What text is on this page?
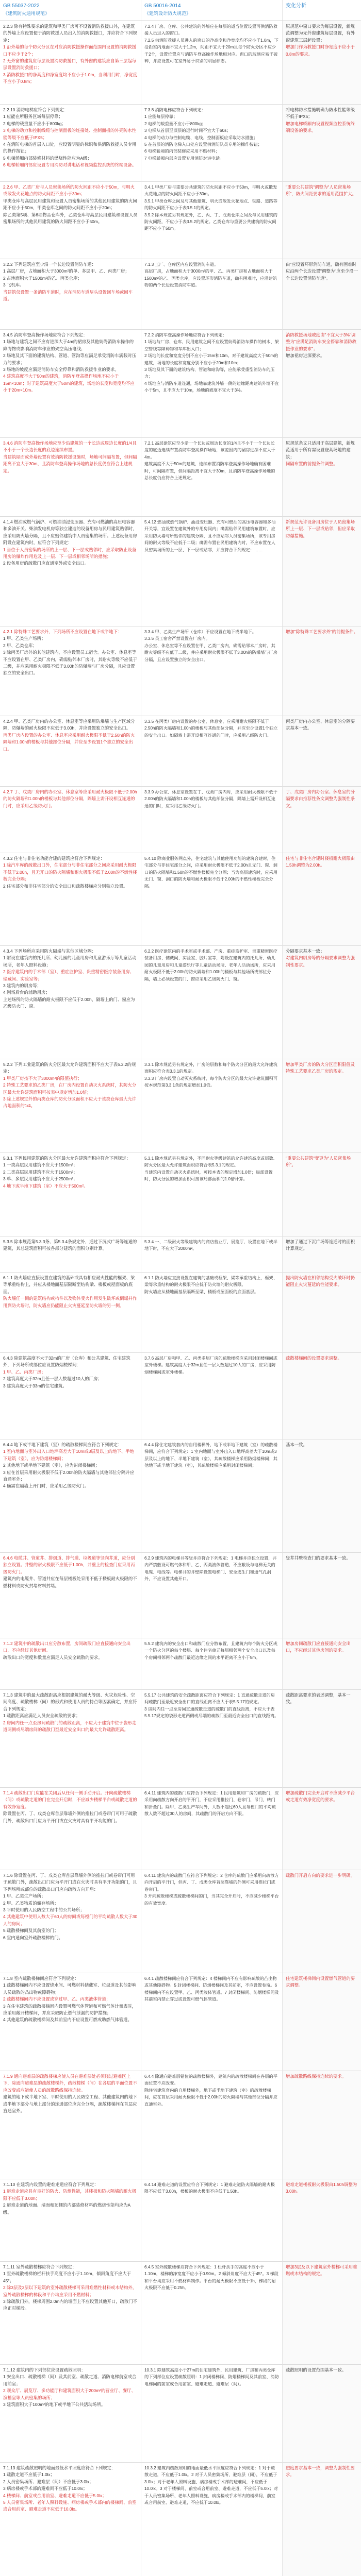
GB 55037-2022
《建筑防火通用规范》
GB 50016-2014
《建筑设计防火规范》
变化分析
2.2.3 除有特殊要求的建筑和甲类厂房可不设置消防救援口外，在建筑的外墙上应设置便于消防救援人员出入的消防救援口，并应符合下列规定：
1 沿外墙的每个防火分区在对应消防救援操作面范围内设置的消防救援口不应少于2个；
2 无外窗的建筑应每层设置消防救援口，有外窗的建筑应自第三层起每层设置消防救援口；
3 消防救援口的净高度和净宽度均不应小于1.0m，当利用门时，净宽度不应小于0.8m；
7.2.4 厂房、仓库、公共建筑的外墙应在每层的适当位置设置可供消防救援人员进入的窗口。
7.2.5 供消防救援人员进入的窗口的净高度和净宽度均不应小于1.0m，下沿距室内地面不宜大于1.2m，间距不宜大于20m且每个防火分区不应少于2个，设置位置应与消防车登高操作场地相对应。窗口的玻璃应易于破碎，并应设置可在室外易于识别的明显标志。
原规范中窗口要求为每层设置，新规范调整为无外窗建筑每层设置，有外窗建筑三层起设置；
增加门作为救援口时净宽度不应小于0.8m的要求。
2.2.10 消防电梯应符合下列规定：
1 应能在所服务区域每层停靠；
2 电梯的载重量不应小于800kg；
3 电梯的动力和控制线缆与控制面板的连接处、控制面板的外壳防水性能等级不应低于IPX5；
4 在消防电梯的首层入口处，应设置明显的标识和供消防救援人员专用的操作按钮；
5 电梯轿厢内部装修材料的燃烧性能应为A级；
6 电梯轿厢内部应设置专用消防对讲电话和视频监控系统的终端设备。
7.3.8 消防电梯应符合下列规定：
1 应能每层停靠；
2 电梯的载重量不应小于800kg；
3 电梯从首层至顶层的运行时间不宜大于60s；
4 电梯的动力与控制电缆、电线、控制面板应采取防水措施；
5 在首层的消防电梯入口处应设置供消防队员专用的操作按钮；
6 电梯轿厢的内部装修应采用不燃材料；
7 电梯轿厢内部应设置专用消防对讲电话。
将电梯防水措施明确为防水性能等级不低于IPX5；
增加电梯轿厢内设置视频监控系统终端设备的要求。
2.2.6 甲、乙类厂房与人员密集场所的防火间距不应小于50m，与明火或散发火花地点的防火间距不应小于30m；
甲类仓库与高层民用建筑和设置人员密集场所的其他民用建筑的防火间距不应小于50m，甲类仓库之间的防火间距不应小于20m；
除乙类第5项、第6项物品仓库外，乙类仓库与高层民用建筑和设置人员密集场所的其他民用建筑的防火间距不应小于50m。
3.4.1 甲类厂房与重要公共建筑的防火间距不应小于50m，与明火或散发火花地点的防火间距不应小于30m。
3.5.1 甲类仓库之间及与其他建筑、明火或散发火花地点、铁路、道路等的防火间距不应小于表3.5.1的规定。
3.5.2 除本规范另有规定外，乙、丙、丁、戊类仓库之间及与民用建筑的防火间距，不应小于表3.5.2的规定。乙类仓库与重要公共建筑的防火间距不应小于50m。
"重要公共建筑"调整为"人员密集场所"，防火间距要求的适用范围扩大。
3.2.2 下列建筑应至少沿一个长边设置消防车道：
1 高层厂房，占地面积大于3000m²的单、多层甲、乙、丙类厂房；
2 占地面积大于1500m²的乙、丙类仓库；
3 飞机库。
当建筑仅设置一条消防车道时，应在消防车道尽头设置回车场或回车道。
7.1.3 工厂、仓库区内应设置消防车道。
高层厂房，占地面积大于3000m²的甲、乙、丙类厂房和占地面积大于1500m²的乙、丙类仓库，应设置环形消防车道，确有困难时，应沿建筑物的两个长边设置消防车道。
由"应设置环形消防车道，确有困难时应沿两个长边设置"调整为"应至少沿一个长边设置消防车道"。
3.4.5 消防车登高操作场地应符合下列规定：
1 场地与建筑之间不应有进深大于4m的裙房及其他妨碍消防车操作的障碍物或影响消防车作业的架空高压电线；
2 场地及其下面的建筑结构、管道、管沟等应满足承受消防车满载时压力的要求；
3 场地的坡度应满足消防车安全停靠和消防救援作业的要求。
4 建筑高度不大于50m的建筑，消防车登高操作场地不应小于15m×10m；对于建筑高度大于50m的建筑，场地的长度和宽度均不应小于20m×10m。
7.2.2 消防车登高操作场地应符合下列规定：
1 场地与厂房、仓库、民用建筑之间不应设置妨碍消防车操作的树木、架空管线等障碍物和车库出入口；
2 场地的长度和宽度分别不应小于15m和10m。对于建筑高度大于50m的建筑，场地的长度和宽度分别不应小于20m和10m；
3 场地及其下面的建筑结构、管道和暗沟等，应能承受重型消防车的压力；
4 场地应与消防车道连通，场地靠建筑外墙一侧的边缘距离建筑外墙不宜小于5m，且不应大于10m，场地的坡度不宜大于3%。
消防救援场地坡度由"不宜大于3%"调整为"应满足消防车安全停靠和消防救援作业的要求"；
增加裙房进深要求。
3.4.6 消防车登高操作场地应至少沿建筑的一个长边或周边长度的1/4且不小于一个长边长度的底边连续布置。
当建筑屋面或外墙设置有效消防救援设施时，场地可间隔布置，但间隔距离不宜大于30m，且消防车登高操作场地的总长度仍应符合上述规定。
7.2.1 高层建筑应至少沿一个长边或周边长度的1/4且不小于一个长边长度的底边连续布置消防车登高操作场地，该范围内的裙房进深不应大于4m。
建筑高度不大于50m的建筑，连续布置消防车登高操作场地确有困难时，可间隔布置，但间隔距离不宜大于30m，且消防车登高操作场地的总长度仍应符合上述规定。
原规范条文只适用于高层建筑，新规范适用于所有需设置登高场地的建筑；
间隔布置的前提条件调整。
4.1.4 燃油或燃气锅炉、可燃油油浸变压器、充有可燃油的高压电容器和多油开关、柴油发电机房等独立建造的设备用房与民用建筑贴邻时，应采用防火墙分隔，且不应贴邻建筑中人员密集的场所。上述设备用房附设在建筑内时，应符合下列规定：
1 当位于人员密集的场所的上一层、下一层或贴邻时，应采取防止设备用房的爆炸作用危及上一层、下一层或相邻场所的措施；
2 设备用房的疏散门应直通室外或安全出口。
5.4.12 燃油或燃气锅炉、油浸变压器、充有可燃油的高压电容器和多油开关等，宜设置在建筑外的专用房间内；确需贴邻民用建筑布置时，应采用防火墙与所贴邻的建筑分隔，且不应贴邻人员密集场所，该专用房间的耐火等级不应低于二级；确需布置在民用建筑内时，不应布置在人员密集场所的上一层、下一层或贴邻，并应符合下列规定：……
新规范允许设备用房位于人员密集场所上一层、下一层或贴邻，但应采取防爆措施。
4.2.1 除特殊工艺要求外，下列场所不应设置在地下或半地下：
1 甲、乙类生产场所；
2 甲、乙类仓库；
3 除丙类厂房外的其他建筑内，不应设置员工宿舍。办公室、休息室等不应设置在甲、乙类厂房内，确需贴邻本厂房时，其耐火等级不应低于二级，并应采用耐火极限不低于3.00h的防爆墙与厂房分隔，且应设置独立的安全出口。
3.3.4 甲、乙类生产场所（仓库）不应设置在地下或半地下。
3.3.5 员工宿舍严禁设置在厂房内。
办公室、休息室等不应设置在甲、乙类厂房内，确需贴邻本厂房时，其耐火等级不应低于二级，并应采用耐火极限不低于3.00h的防爆墙与厂房分隔，且应设置独立的安全出口。
增加"除特殊工艺要求外"的前提条件。
4.2.4 甲、乙类厂房内的办公室、休息室等应采用防爆墙与生产区域分隔，防爆墙的耐火极限不应低于3.00h，并应设置独立的安全出口。
丙类厂房内设置的办公室、休息室应采用耐火极限不低于2.50h的防火隔墙和1.00h的楼板与其他部位分隔，并应至少设置1个独立的安全出口。
3.3.5 在丙类厂房内设置的办公室、休息室，应采用耐火极限不低于2.50h的防火隔墙和1.00h的楼板与其他部位分隔，并应至少设置1个独立的安全出口。如隔墙上需开设相互连通的门时，应采用乙级防火门。
丙类厂房内办公室、休息室的分隔要求基本一致。
4.2.7 丁、戊类厂房内的办公室、休息室等应采用耐火极限不低于2.00h的防火隔墙和1.00h的楼板与其他部位分隔，隔墙上需开设相互连通的门时，应采用乙级防火门。
3.3.9 办公室、休息室设置在丁、戊类厂房内时，应采用耐火极限不低于2.00h的防火隔墙和1.00h的楼板与其他部位分隔，隔墙上需开设相互连通的门时，应采用乙级防火门。
丁、戊类厂房内办公室、休息室的分隔要求由推荐性条文调整为强制性条文。
4.3.2 住宅与非住宅功能合建的建筑应符合下列规定：
1 除汽车库的疏散出口外，住宅部分与非住宅部分之间应采用耐火极限不低于2.00h，且无开口的防火隔墙和耐火极限不低于2.00h的不燃性楼板完全分隔；
2 住宅部分和非住宅部分的安全出口和疏散楼梯应分别独立设置。
5.4.10 除商业服务网点外，住宅建筑与其他使用功能的建筑合建时，住宅部分与非住宅部分之间，应采用耐火极限不低于2.00h且无门、窗、洞口的防火隔墙和1.50h的不燃性楼板完全分隔；当为高层建筑时，应采用无门、窗、洞口的防火墙和耐火极限不低于2.00h的不燃性楼板完全分隔。
住宅与非住宅合建时楼板耐火极限由1.50h调整为2.00h。
4.3.4 下列场所应采用防火隔墙与其他区域分隔：
1 附设在建筑内的托儿所、幼儿园的儿童用房和儿童游乐厅等儿童活动场所，老年人照料设施；
2 医疗建筑内的手术部（室）、重症监护室、贵重精密医疗装备用房、储藏间、实验室等；
3 建筑内的厨房等；
4 剧场后台的辅助用房；
上述场所的防火隔墙的耐火极限不应低于2.00h，隔墙上的门、窗应为乙级防火门、窗。
6.2.2 医疗建筑内的手术室或手术部、产房、重症监护室、贵重精密医疗装备用房、储藏间、实验室、胶片室等，附设在建筑内的托儿所、幼儿园的儿童用房和儿童游乐厅等儿童活动场所、老年人活动场所，应采用耐火极限不低于2.00h的防火隔墙和1.00h的楼板与其他场所或部位分隔，墙上必须设置的门、窗应采用乙级防火门、窗。
分隔要求基本一致；
对建筑内厨房等的分隔要求调整为强制性要求。
5.2.2 下列工业建筑的防火分区最大允许建筑面积不应大于表5.2.2的规定：
1 甲类厂房按不大于3000m²的限值执行；
2 特殊工艺要求的乙类厂房，在厂房内设置自动灭火系统时，其防火分区最大允许建筑面积可按表中规定增加1.0倍；
3 除上述规定外的丙类仓库的防火分区面积不应大于该类仓库最大允许占地面积的1/4。
3.3.1 除本规范另有规定外，厂房的层数和每个防火分区的最大允许建筑面积应符合表3.3.1的规定。
3.3.3 厂房内设置自动灭火系统时，每个防火分区的最大允许建筑面积可按本规范第3.3.1条的规定增加1.0倍。
增加甲类厂房的防火分区面积限值及特殊工艺要求乙类厂房的规定。
5.3.1 下列民用建筑的防火分区最大允许建筑面积应符合下列规定：
1 一类高层民用建筑不应大于1500m²；
2 二类高层民用建筑不应大于1500m²；
3 单、多层民用建筑不应大于2500m²；
4 地下或半地下建筑（室）不应大于500m²。
5.3.1 除本规范另有规定外，不同耐火等级建筑的允许建筑高度或层数、防火分区最大允许建筑面积应符合表5.3.1的规定。
当建筑内设置自动灭火系统时，可按本表的规定增加1.0倍；局部设置时，防火分区的增加面积可按该局部面积的1.0倍计算。
"重要公共建筑"变更为"人员密集场所"。
5.3.5 除本规范第5.3.3条、第5.3.4条规定外，通过下沉式广场等连通的建筑，其总建筑面积可按各部分建筑的面积分别计算。
5.3.4 一、二级耐火等级建筑内的商店营业厅、展览厅，设置在地下或半地下时，不应大于2000m²。
增加了通过下沉广场等连通时的面积计算规定。
6.1.1 防火墙应直接设置在建筑的基础或具有相应耐火性能的框架、梁等承重结构上，并应从楼地面基层隔断至结构梁、楼板或屋面板的底面。
防火墙任一侧的建筑结构或构件以及物体受火作用发生破坏或倒塌并作用到防火墙时，防火墙应仍能阻止火灾蔓延至防火墙的另一侧。
6.1.1 防火墙应直接设置在建筑的基础或框架、梁等承重结构上，框架、梁等承重结构的耐火极限不应低于防火墙的耐火极限。
防火墙应从楼地面基层隔断至梁、楼板或屋面板的底面基层。
提出防火墙在相邻结构受火破坏时仍能阻止火灾蔓延的性能要求。
6.4.3 除建筑高度不大于32m的厂房（仓库）和公共建筑、住宅建筑外，下列场所或部位应设置防烟楼梯间：
1 甲、乙、丙类厂房；
2 建筑高度大于32m且任一层人数超过10人的厂房；
3 建筑高度大于33m的住宅建筑。
3.7.6 高层厂房和甲、乙、丙类多层厂房的疏散楼梯应采用封闭楼梯间或室外楼梯。建筑高度大于32m且任一层人数超过10人的厂房，应采用防烟楼梯间或室外楼梯。
疏散楼梯间的设置要求调整。
6.4.4 地下或半地下建筑（室）的疏散楼梯间应符合下列规定：
1 室内地面与室外出入口地坪高差大于10m或3层及以上的地下、半地下建筑（室），应为防烟楼梯间；
2 其他地下或半地下建筑（室），应为封闭楼梯间；
3 应在首层采用耐火极限不低于2.00h的防火隔墙与其他部位分隔并应直通室外；
4 确需在隔墙上开门时，应采用乙级防火门。
6.4.4 除住宅建筑套内的自用楼梯外，地下或半地下建筑（室）的疏散楼梯间，应符合下列规定：1 室内地面与室外出入口地坪高差大于10m或3层及以上的地下、半地下建筑（室），其疏散楼梯应采用防烟楼梯间；其他地下或半地下建筑（室），其疏散楼梯应采用封闭楼梯间；
基本一致。
6.4.6 电缆井、管道井、排烟道、排气道、垃圾道等竖向井道，应分别独立设置。井壁的耐火极限不应低于1.00h，井壁上的检查门应采用丙级防火门。
建筑内的电缆井、管道井应在每层楼板处采用不低于楼板耐火极限的不燃材料或防火封堵材料封堵。
6.2.9 建筑内的电梯井等竖井应符合下列规定：1 电梯井应独立设置，井内严禁敷设可燃气体和甲、乙、丙类液体管道，不应敷设与电梯无关的电缆、电线等。电梯井的井壁除设置电梯门、安全逃生门和通气孔洞外，不应设置其他开口。
竖井井壁检查门的要求基本一致。
7.1.2 建筑中的疏散出口应分散布置，房间疏散门应直接通向安全出口，不应经过其他房间。
疏散出口的宽度和数量应满足人员安全疏散的要求。
5.5.2 建筑内的安全出口和疏散门应分散布置，且建筑内每个防火分区或一个防火分区的每个楼层、每个住宅单元每层相邻两个安全出口以及每个房间相邻两个疏散门最近边缘之间的水平距离不应小于5m。
增加房间疏散门应直接通向安全出口，不应经过其他房间的要求。
7.1.3 建筑中的最大疏散距离应根据建筑的耐火等级、火灾危险性、空间高度、疏散楼梯（间）的形式和使用人员的特点等因素确定，并应符合下列规定：
1 疏散距离应满足人员安全疏散的要求；
2 房间内任一点至房间疏散门的疏散距离，不应大于建筑中位于袋形走道两侧或尽端房间的疏散门至最近安全出口的最大允许疏散距离。
5.5.17 公共建筑的安全疏散距离应符合下列规定：1 直通疏散走道的房间疏散门至最近安全出口的直线距离不应大于表5.5.17的规定。
3 房间内任一点至房间直通疏散走道的疏散门的直线距离，不应大于表5.5.17规定的袋形走道两侧或尽端的疏散门至最近安全出口的直线距离。
疏散距离要求的表述调整，基本一致。
7.1.4 疏散出口门应能在关闭后从任何一侧手动开启。开向疏散楼梯（间）或疏散走道的门在完全开启时，不应减少楼梯平台或疏散走道的有效净宽度。
除设置在丙、丁、戊类仓库首层靠墙外侧的推拉门或卷帘门可用于疏散门外，疏散出口门应为平开门或在火灾时具有平开功能的门。
6.4.11 建筑内的疏散门应符合下列规定：1 民用建筑和厂房的疏散门，应采用向疏散方向开启的平开门，不应采用推拉门、卷帘门、吊门、转门和折叠门。除甲、乙类生产车间外，人数不超过60人且每樘门的平均疏散人数不超过30人的房间，其疏散门的开启方向不限。
增加疏散门完全开启时不应减少平台或走道有效净宽度的要求。
7.1.6 除设置在丙、丁、戊类仓库首层靠墙外侧的推拉门或卷帘门可用于疏散门外，疏散出口门应为平开门或在火灾时具有平开功能的门，且下列场所或部位的疏散出口门应向疏散方向开启：
1 甲、乙类生产场所；
2 甲、乙类物质的储存场所；
3 平时使用的人民防空工程中的公共场所；
4 其他建筑中使用人数大于60人的房间或每樘门的平均疏散人数大于30人的房间；
5 疏散楼梯间及其前室的门；
6 室内通向室外疏散楼梯的门。
6.4.11 建筑内的疏散门应符合下列规定：2 仓库的疏散门应采用向疏散方向开启的平开门，但丙、丁、戊类仓库首层靠墙的外侧可采用推拉门或卷帘门。
3 开向疏散楼梯或疏散楼梯间的门，当其完全开启时，不应减少楼梯平台的有效宽度。
疏散门开启方向的要求进一步明确。
7.1.8 室内疏散楼梯间应符合下列规定：
1 疏散楼梯间内不应设置烧水间、可燃材料储藏室、垃圾道及其他影响人员疏散的凸出物或障碍物；
2 疏散楼梯间内不应设置或穿过甲、乙、丙类液体管道；
3 在住宅建筑的疏散楼梯间内设置可燃气体管道和可燃气体计量表时，应采用敞开楼梯间，并应采取防止燃气泄漏的防护措施；
4 其他建筑的疏散楼梯间及其前室内不应设置可燃或助燃气体管道。
6.4.1 疏散楼梯间应符合下列规定：4 楼梯间内不应有影响疏散的凸出物或其他障碍物。5 封闭楼梯间、防烟楼梯间及其前室，不应设置卷帘。6 楼梯间内不应设置甲、乙、丙类液体管道。7 封闭楼梯间、防烟楼梯间及其前室内禁止穿过或设置可燃气体管道。
住宅建筑楼梯间内设置燃气管道的要求调整。
7.1.9 通向避难层的疏散楼梯应使人员在避难层处必须经过避难区上下，除通向避难层的疏散楼梯外，疏散楼梯（间）在各层的平面位置不应改变或应能使人员的疏散路线保持连续。
建筑的地下或半地下室、平时使用的人民防空工程、其他建筑内的地下或半地下部分与地上部分的连通部位应完全分隔，疏散楼梯间在首层应直通室外。
6.4.4 除通向避难层错位的疏散楼梯外，建筑内的疏散楼梯间在各层的平面位置不应改变。
除住宅建筑套内的自用楼梯外，地下或半地下建筑（室）的疏散楼梯间，应在首层采用耐火极限不低于2.00h的防火隔墙与其他部位分隔并应直通室外。
增加疏散路线保持连续的要求。
7.1.10 在建筑内设置的避难走道应符合下列规定：
1 避难走道应具有良好的防火、防烟性能，其楼板和防火隔墙的耐火极限不应低于3.00h；
2 避难走道的地面、墙面和顶棚的内部装修材料的燃烧性能均应为A级。
6.4.14 避难走道的设置应符合下列规定：1 避难走道防火隔墙的耐火极限不应低于3.00h，楼板的耐火极限不应低于1.50h。
避难走道楼板耐火极限由1.50h调整为3.00h。
7.1.11 室外疏散楼梯应符合下列规定：
1 室外疏散楼梯的栏杆扶手高度不应小于1.10m，倾斜角度不应大于45°；
2 除3层及3层以下建筑的室外疏散楼梯可采用难燃性材料或木结构外，室外疏散楼梯的梯段和平台均应采用不燃材料；
3 除疏散门外，楼梯周围2.0m内的墙面上不应设置其他开口，疏散门不应正对梯段。
6.4.5 室外疏散楼梯应符合下列规定：1 栏杆扶手的高度不应小于1.10m，楼梯的净宽度不应小于0.90m。2 倾斜角度不应大于45°。3 梯段和平台均应采用不燃材料制作。平台的耐火极限不应低于1h，梯段的耐火极限不应低于0.25h。
增加3层及以下建筑室外楼梯可采用难燃或木结构的规定。
7.1.12 建筑内的下列部位应设置疏散照明：
1 安全出口、疏散楼梯（间）及其前室、疏散走道、消防电梯前室或合用前室；
2 观众厅、展览厅、多功能厅和建筑面积大于200m²的营业厅、餐厅、演播室等人员密集的场所；
3 建筑面积大于100m²的地下或半地下公共活动场所。
10.3.1 除建筑高度小于27m的住宅建筑外，民用建筑、厂房和丙类仓库的下列部位应设置疏散照明：1 封闭楼梯间、防烟楼梯间及其前室、消防电梯间的前室或合用前室、避难走道、避难层（间）。
疏散照明的设置范围基本一致。
7.1.13 建筑疏散照明的地面最低水平照度应符合下列规定：
1 疏散走道不应低于1.0lx；
2 人员密集场所、避难层（间）不应低于3.0lx；
3 病房楼或手术部的避难间不应低于10.0lx；
4 楼梯间、前室或合用前室、避难走道不应低于5.0lx；
5 人员密集场所、老年人照料设施、病房楼或手术部内的楼梯间、前室或合用前室、避难走道不应低于10.0lx。
10.3.2 建筑内疏散照明的地面最低水平照度应符合下列规定：1 对于疏散走道，不应低于1.0lx。2 对于人员密集场所、避难层（间），不应低于3.0lx；对于老年人照料设施、病房楼或手术部的避难间，不应低于10.0lx。3 对于楼梯间、前室或合用前室、避难走道，不应低于5.0lx；对于人员密集场所、老年人照料设施、病房楼或手术部内的楼梯间、前室或合用前室、避难走道，不应低于10.0lx。
照度要求基本一致，调整为强制性要求。
